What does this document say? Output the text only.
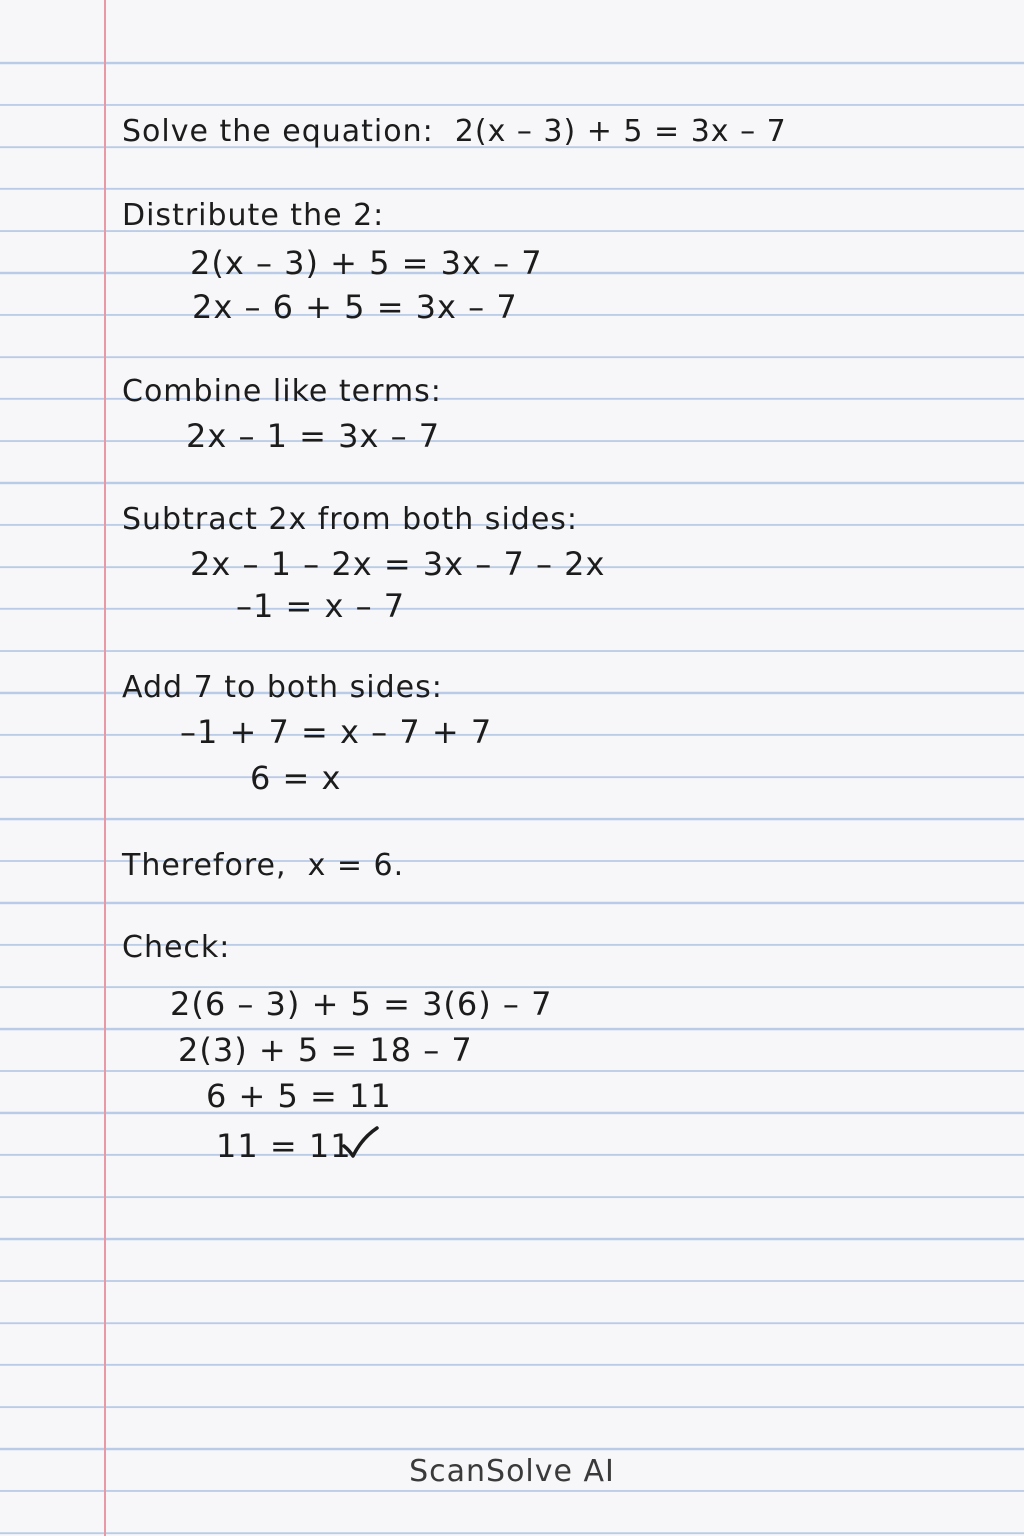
Solve the equation:  2(x – 3) + 5 = 3x – 7
Distribute the 2:
2(x – 3) + 5 = 3x – 7
2x – 6 + 5 = 3x – 7
Combine like terms:
2x – 1 = 3x – 7
Subtract 2x from both sides:
2x – 1 – 2x = 3x – 7 – 2x
–1 = x – 7
Add 7 to both sides:
–1 + 7 = x – 7 + 7
6 = x
Therefore,  x = 6.
Check:
2(6 – 3) + 5 = 3(6) – 7
2(3) + 5 = 18 – 7
6 + 5 = 11
11 = 11
ScanSolve AI
